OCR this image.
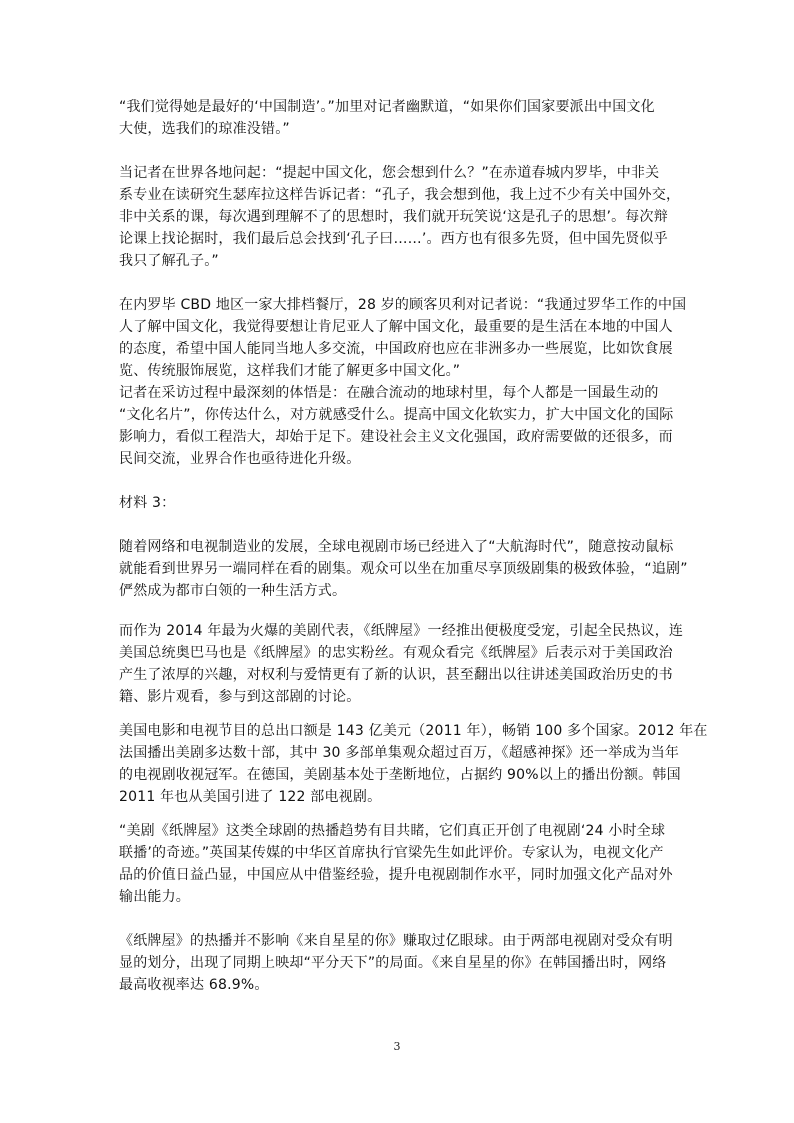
“我们觉得她是最好的‘中国制造’。”加里对记者幽默道，“如果你们国家要派出中国文化
大使，选我们的琼准没错。”

当记者在世界各地问起：“提起中国文化，您会想到什么？”在赤道春城内罗毕，中非关
系专业在读研究生瑟库拉这样告诉记者：“孔子，我会想到他，我上过不少有关中国外交，
非中关系的课，每次遇到理解不了的思想时，我们就开玩笑说‘这是孔子的思想’。每次辩
论课上找论据时，我们最后总会找到‘孔子曰……’。西方也有很多先贤，但中国先贤似乎
我只了解孔子。”

在内罗毕 CBD 地区一家大排档餐厅，28 岁的顾客贝利对记者说：“我通过罗华工作的中国
人了解中国文化，我觉得要想让肯尼亚人了解中国文化，最重要的是生活在本地的中国人
的态度，希望中国人能同当地人多交流，中国政府也应在非洲多办一些展览，比如饮食展
览、传统服饰展览，这样我们才能了解更多中国文化。”

记者在采访过程中最深刻的体悟是：在融合流动的地球村里，每个人都是一国最生动的
“文化名片”，你传达什么，对方就感受什么。提高中国文化软实力，扩大中国文化的国际
影响力，看似工程浩大，却始于足下。建设社会主义文化强国，政府需要做的还很多，而
民间交流，业界合作也亟待进化升级。

材料 3：

随着网络和电视制造业的发展，全球电视剧市场已经进入了“大航海时代”，随意按动鼠标
就能看到世界另一端同样在看的剧集。观众可以坐在加重尽享顶级剧集的极致体验，“追剧”
俨然成为都市白领的一种生活方式。

而作为 2014 年最为火爆的美剧代表，《纸牌屋》一经推出便极度受宠，引起全民热议，连
美国总统奥巴马也是《纸牌屋》的忠实粉丝。有观众看完《纸牌屋》后表示对于美国政治
产生了浓厚的兴趣，对权利与爱情更有了新的认识，甚至翻出以往讲述美国政治历史的书
籍、影片观看，参与到这部剧的讨论。

美国电影和电视节目的总出口额是 143 亿美元（2011 年），畅销 100 多个国家。2012 年在
法国播出美剧多达数十部，其中 30 多部单集观众超过百万，《超感神探》还一举成为当年
的电视剧收视冠军。在德国，美剧基本处于垄断地位，占据约 90%以上的播出份额。韩国
2011 年也从美国引进了 122 部电视剧。

“美剧《纸牌屋》这类全球剧的热播趋势有目共睹，它们真正开创了电视剧‘24 小时全球
联播’的奇迹。”英国某传媒的中华区首席执行官梁先生如此评价。专家认为，电视文化产
品的价值日益凸显，中国应从中借鉴经验，提升电视剧制作水平，同时加强文化产品对外
输出能力。

《纸牌屋》的热播并不影响《来自星星的你》赚取过亿眼球。由于两部电视剧对受众有明
显的划分，出现了同期上映却“平分天下”的局面。《来自星星的你》在韩国播出时，网络
最高收视率达 68.9%。

3
